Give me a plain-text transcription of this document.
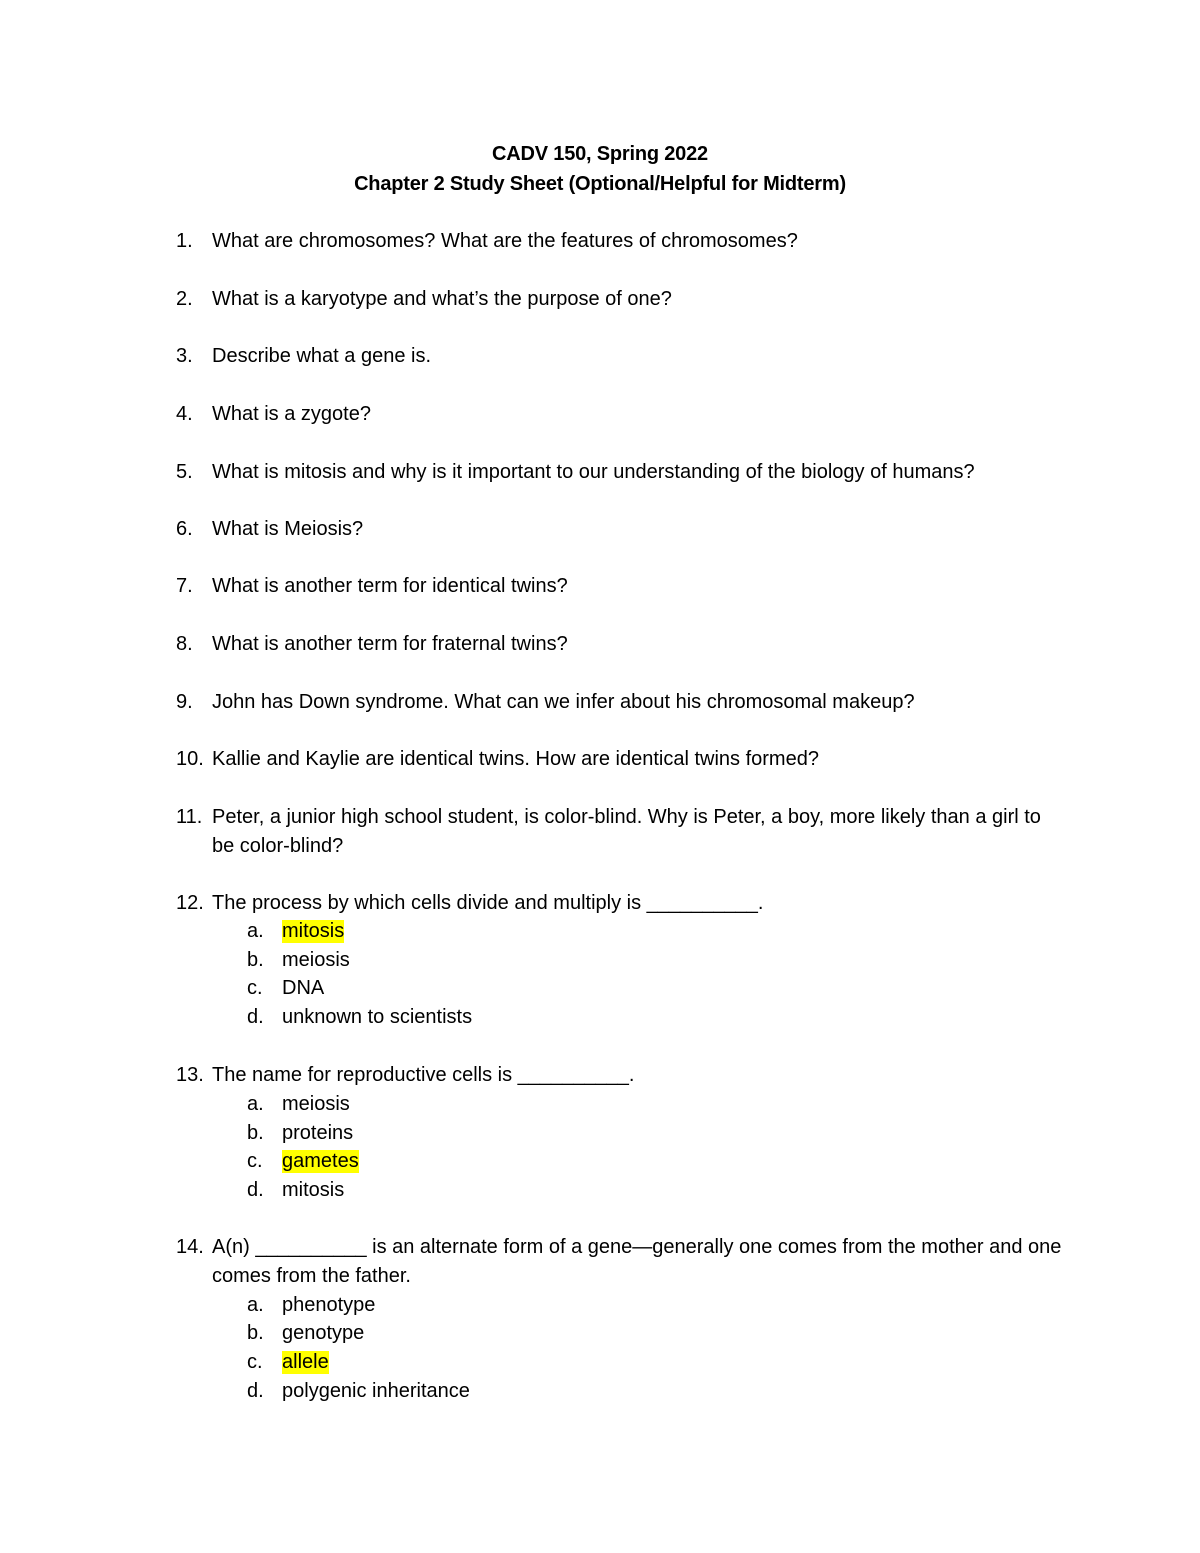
CADV 150, Spring 2022
Chapter 2 Study Sheet (Optional/Helpful for Midterm)
1. What are chromosomes? What are the features of chromosomes?
2. What is a karyotype and what’s the purpose of one?
3. Describe what a gene is.
4. What is a zygote?
5. What is mitosis and why is it important to our understanding of the biology of humans?
6. What is Meiosis?
7. What is another term for identical twins?
8. What is another term for fraternal twins?
9. John has Down syndrome. What can we infer about his chromosomal makeup?
10. Kallie and Kaylie are identical twins. How are identical twins formed?
11. Peter, a junior high school student, is color-blind. Why is Peter, a boy, more likely than a girl to be color-blind?
12. The process by which cells divide and multiply is __________.
a. mitosis
b. meiosis
c. DNA
d. unknown to scientists
13. The name for reproductive cells is __________.
a. meiosis
b. proteins
c. gametes
d. mitosis
14. A(n) __________ is an alternate form of a gene—generally one comes from the mother and one comes from the father.
a. phenotype
b. genotype
c. allele
d. polygenic inheritance
